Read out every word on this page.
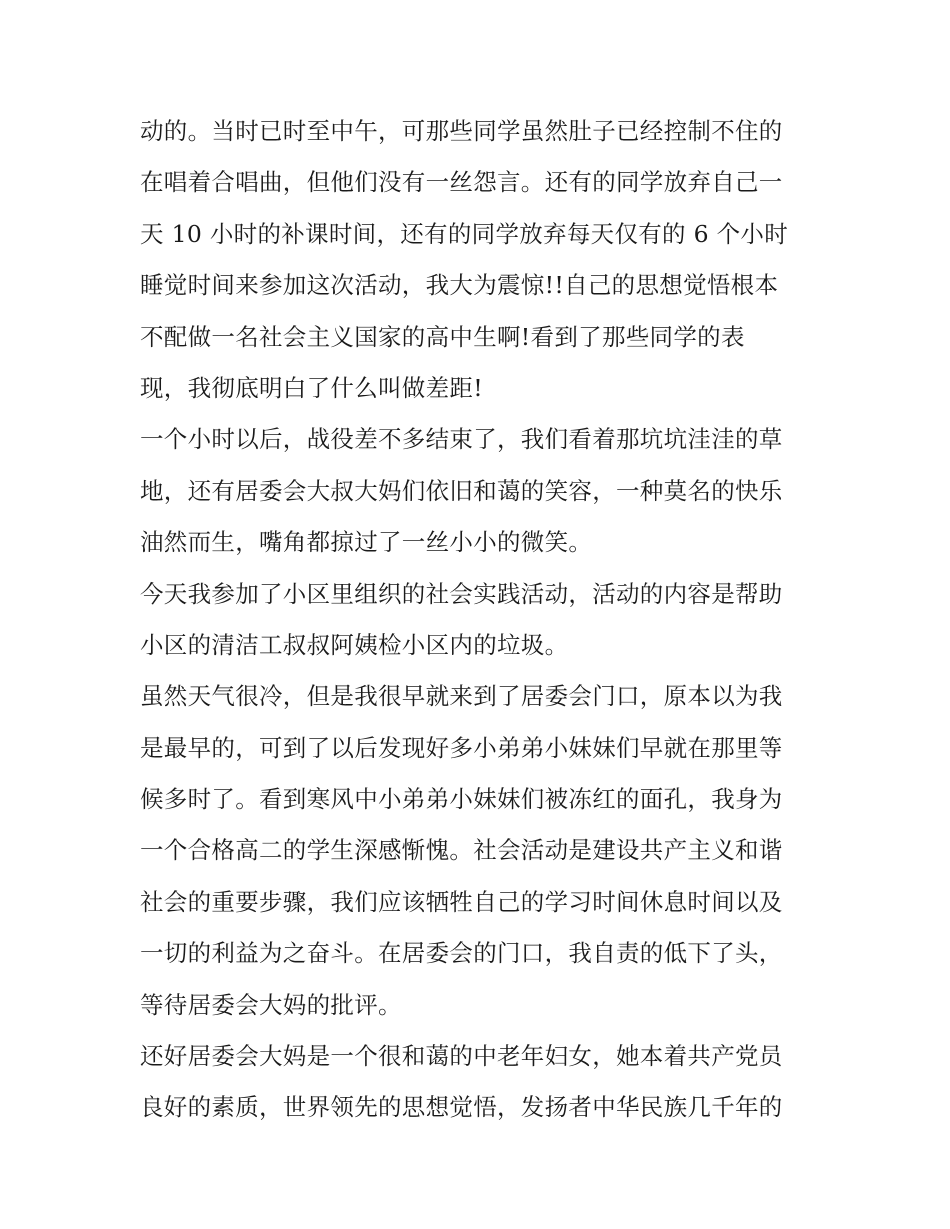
动的。当时已时至中午，可那些同学虽然肚子已经控制不住的
在唱着合唱曲，但他们没有一丝怨言。还有的同学放弃自己一
天 10 小时的补课时间，还有的同学放弃每天仅有的 6 个小时
睡觉时间来参加这次活动，我大为震惊!!自己的思想觉悟根本
不配做一名社会主义国家的高中生啊!看到了那些同学的表
现，我彻底明白了什么叫做差距!
一个小时以后，战役差不多结束了，我们看着那坑坑洼洼的草
地，还有居委会大叔大妈们依旧和蔼的笑容，一种莫名的快乐
油然而生，嘴角都掠过了一丝小小的微笑。
今天我参加了小区里组织的社会实践活动，活动的内容是帮助
小区的清洁工叔叔阿姨检小区内的垃圾。
虽然天气很冷，但是我很早就来到了居委会门口，原本以为我
是最早的，可到了以后发现好多小弟弟小妹妹们早就在那里等
候多时了。看到寒风中小弟弟小妹妹们被冻红的面孔，我身为
一个合格高二的学生深感惭愧。社会活动是建设共产主义和谐
社会的重要步骤，我们应该牺牲自己的学习时间休息时间以及
一切的利益为之奋斗。在居委会的门口，我自责的低下了头，
等待居委会大妈的批评。
还好居委会大妈是一个很和蔼的中老年妇女，她本着共产党员
良好的素质，世界领先的思想觉悟，发扬者中华民族几千年的
